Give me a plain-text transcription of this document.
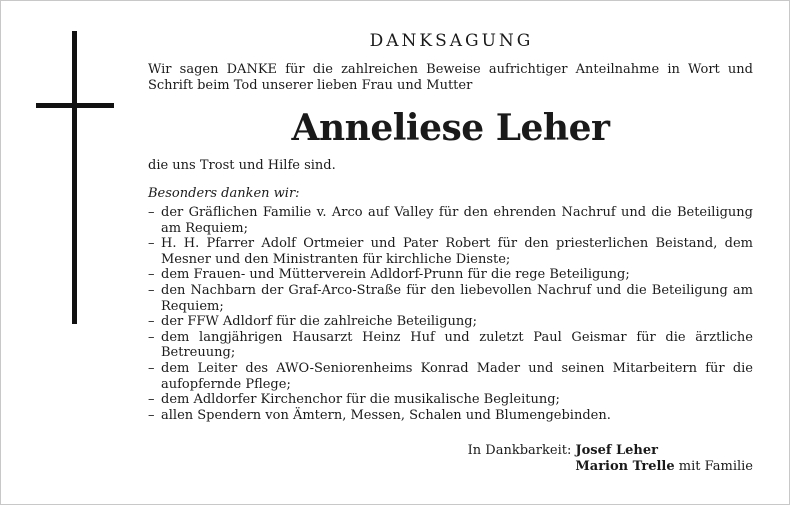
DANKSAGUNG
Wir sagen DANKE für die zahlreichen Beweise aufrichtiger Anteilnahme in Wort und Schrift beim Tod unserer lieben Frau und Mutter
Anneliese Leher
die uns Trost und Hilfe sind.
Besonders danken wir:
– der Gräflichen Familie v. Arco auf Valley für den ehrenden Nachruf und die Beteiligung am Requiem;
– H. H. Pfarrer Adolf Ortmeier und Pater Robert für den priesterlichen Beistand, dem Mesner und den Ministranten für kirchliche Dienste;
– dem Frauen- und Mütterverein Adldorf-Prunn für die rege Beteiligung;
– den Nachbarn der Graf-Arco-Straße für den liebevollen Nachruf und die Beteiligung am Requiem;
– der FFW Adldorf für die zahlreiche Beteiligung;
– dem langjährigen Hausarzt Heinz Huf und zuletzt Paul Geismar für die ärztliche Betreuung;
– dem Leiter des AWO-Seniorenheims Konrad Mader und seinen Mitarbeitern für die aufopfernde Pflege;
– dem Adldorfer Kirchenchor für die musikalische Begleitung;
– allen Spendern von Ämtern, Messen, Schalen und Blumengebinden.
In Dankbarkeit: Josef Leher
Marion Trelle mit Familie
